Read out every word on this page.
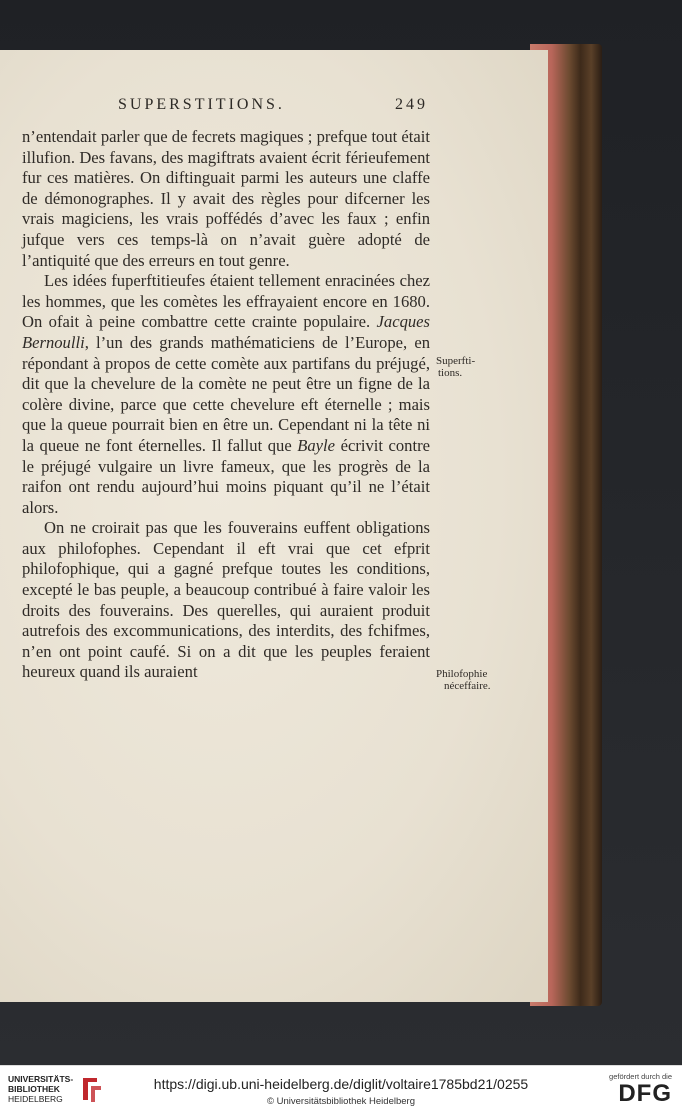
SUPERSTITIONS.	249

n’entendait parler que de fecrets magiques ; prefque tout était illufion. Des favans, des magiftrats avaient écrit férieufement fur ces matières. On diftinguait parmi les auteurs une claffe de démonographes. Il y avait des règles pour difcerner les vrais magiciens, les vrais poffédés d’avec les faux ; enfin jufque vers ces temps-là on n’avait guère adopté de l’antiquité que des erreurs en tout genre.

Les idées fuperftitieufes étaient tellement enracinées chez les hommes, que les comètes les effrayaient encore en 1680. On ofait à peine combattre cette crainte populaire. Jacques Bernoulli, l’un des grands mathématiciens de l’Europe, en répondant à propos de cette comète aux partifans du préjugé, dit que la chevelure de la comète ne peut être un figne de la colère divine, parce que cette chevelure eft éternelle ; mais que la queue pourrait bien en être un. Cependant ni la tête ni la queue ne font éternelles. Il fallut que Bayle écrivit contre le préjugé vulgaire un livre fameux, que les progrès de la raifon ont rendu aujourd’hui moins piquant qu’il ne l’était alors.

On ne croirait pas que les fouverains euffent obligations aux philofophes. Cependant il eft vrai que cet efprit philofophique, qui a gagné prefque toutes les conditions, excepté le bas peuple, a beaucoup contribué à faire valoir les droits des fouverains. Des querelles, qui auraient produit autrefois des excommunications, des interdits, des fchifmes, n’en ont point caufé. Si on a dit que les peuples feraient heureux quand ils auraient

Superfti-
tions.
Philofophie
néceffaire.
UNIVERSITÄTS-
BIBLIOTHEK
HEIDELBERG
https://digi.ub.uni-heidelberg.de/diglit/voltaire1785bd21/0255
© Universitätsbibliothek Heidelberg
gefördert durch die
DFG
